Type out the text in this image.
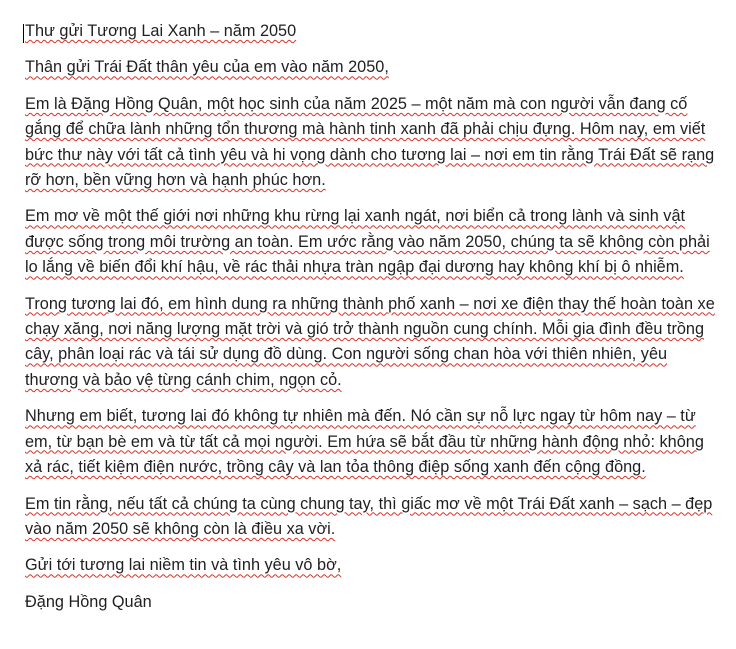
Thư gửi Tương Lai Xanh – năm 2050

Thân gửi Trái Đất thân yêu của em vào năm 2050,

Em là Đặng Hồng Quân, một học sinh của năm 2025 – một năm mà con người vẫn đang cố gắng để chữa lành những tổn thương mà hành tinh xanh đã phải chịu đựng. Hôm nay, em viết bức thư này với tất cả tình yêu và hi vọng dành cho tương lai – nơi em tin rằng Trái Đất sẽ rạng rỡ hơn, bền vững hơn và hạnh phúc hơn.

Em mơ về một thế giới nơi những khu rừng lại xanh ngát, nơi biển cả trong lành và sinh vật được sống trong môi trường an toàn. Em ước rằng vào năm 2050, chúng ta sẽ không còn phải lo lắng về biến đổi khí hậu, về rác thải nhựa tràn ngập đại dương hay không khí bị ô nhiễm.

Trong tương lai đó, em hình dung ra những thành phố xanh – nơi xe điện thay thế hoàn toàn xe chạy xăng, nơi năng lượng mặt trời và gió trở thành nguồn cung chính. Mỗi gia đình đều trồng cây, phân loại rác và tái sử dụng đồ dùng. Con người sống chan hòa với thiên nhiên, yêu thương và bảo vệ từng cánh chim, ngọn cỏ.

Nhưng em biết, tương lai đó không tự nhiên mà đến. Nó cần sự nỗ lực ngay từ hôm nay – từ em, từ bạn bè em và từ tất cả mọi người. Em hứa sẽ bắt đầu từ những hành động nhỏ: không xả rác, tiết kiệm điện nước, trồng cây và lan tỏa thông điệp sống xanh đến cộng đồng.

Em tin rằng, nếu tất cả chúng ta cùng chung tay, thì giấc mơ về một Trái Đất xanh – sạch – đẹp vào năm 2050 sẽ không còn là điều xa vời.

Gửi tới tương lai niềm tin và tình yêu vô bờ,

Đặng Hồng Quân
